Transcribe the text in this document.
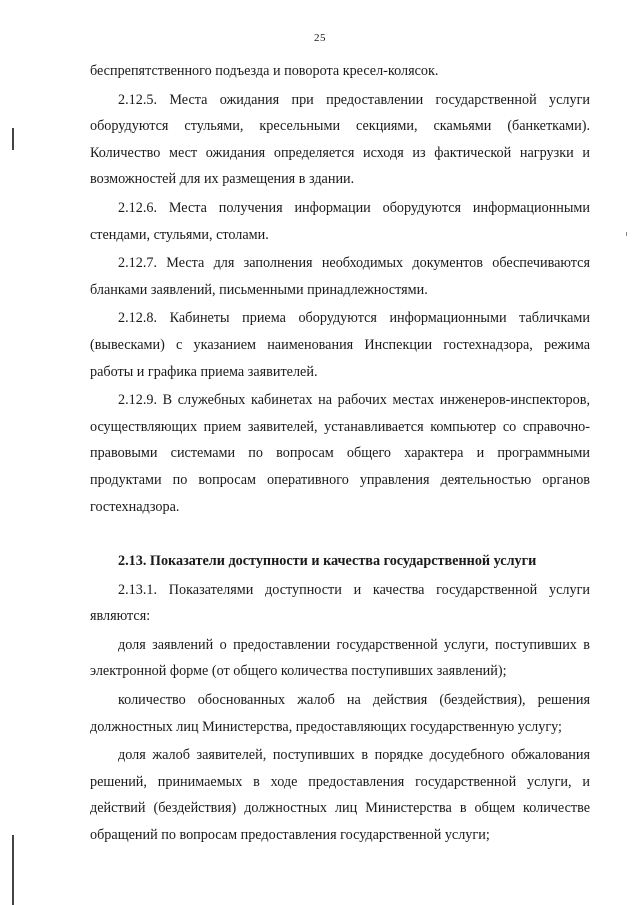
25

беспрепятственного подъезда и поворота кресел-колясок.

2.12.5. Места ожидания при предоставлении государственной услуги оборудуются стульями, кресельными секциями, скамьями (банкетками). Количество мест ожидания определяется исходя из фактической нагрузки и возможностей для их размещения в здании.

2.12.6. Места получения информации оборудуются информационными стендами, стульями, столами.

2.12.7. Места для заполнения необходимых документов обеспечиваются бланками заявлений, письменными принадлежностями.

2.12.8. Кабинеты приема оборудуются информационными табличками (вывесками) с указанием наименования Инспекции гостехнадзора, режима работы и графика приема заявителей.

2.12.9. В служебных кабинетах на рабочих местах инженеров-инспекторов, осуществляющих прием заявителей, устанавливается компьютер со справочно-правовыми системами по вопросам общего характера и программными продуктами по вопросам оперативного управления деятельностью органов гостехнадзора.

2.13. Показатели доступности и качества государственной услуги

2.13.1. Показателями доступности и качества государственной услуги являются:

доля заявлений о предоставлении государственной услуги, поступивших в электронной форме (от общего количества поступивших заявлений);

количество обоснованных жалоб на действия (бездействия), решения должностных лиц Министерства, предоставляющих государственную услугу;

доля жалоб заявителей, поступивших в порядке досудебного обжалования решений, принимаемых в ходе предоставления государственной услуги, и действий (бездействия) должностных лиц Министерства в общем количестве обращений по вопросам предоставления государственной услуги;
